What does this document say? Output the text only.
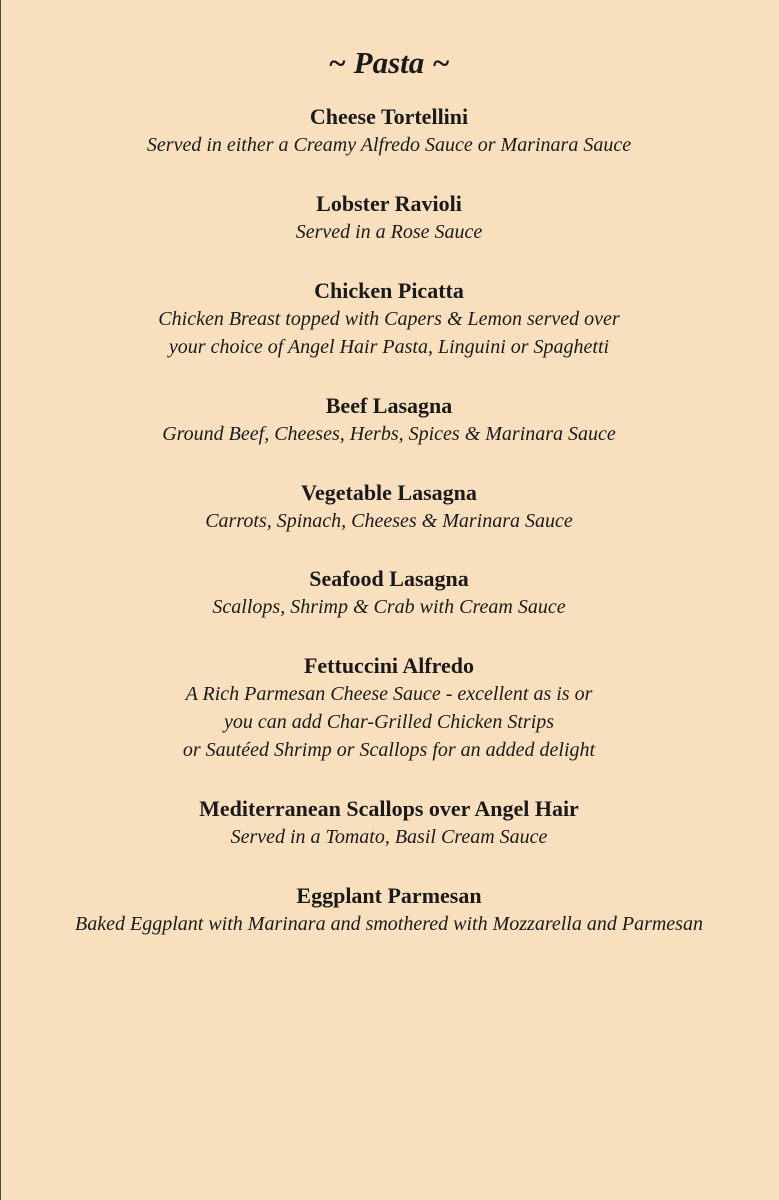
~ Pasta ~
Cheese Tortellini
Served in either a Creamy Alfredo Sauce or Marinara Sauce
Lobster Ravioli
Served in a Rose Sauce
Chicken Picatta
Chicken Breast topped with Capers & Lemon served over
your choice of Angel Hair Pasta, Linguini or Spaghetti
Beef Lasagna
Ground Beef, Cheeses, Herbs, Spices & Marinara Sauce
Vegetable Lasagna
Carrots, Spinach, Cheeses & Marinara Sauce
Seafood Lasagna
Scallops, Shrimp & Crab with Cream Sauce
Fettuccini Alfredo
A Rich Parmesan Cheese Sauce - excellent as is or
you can add Char-Grilled Chicken Strips
or Sautéed Shrimp or Scallops for an added delight
Mediterranean Scallops over Angel Hair
Served in a Tomato, Basil Cream Sauce
Eggplant Parmesan
Baked Eggplant with Marinara and smothered with Mozzarella and Parmesan
